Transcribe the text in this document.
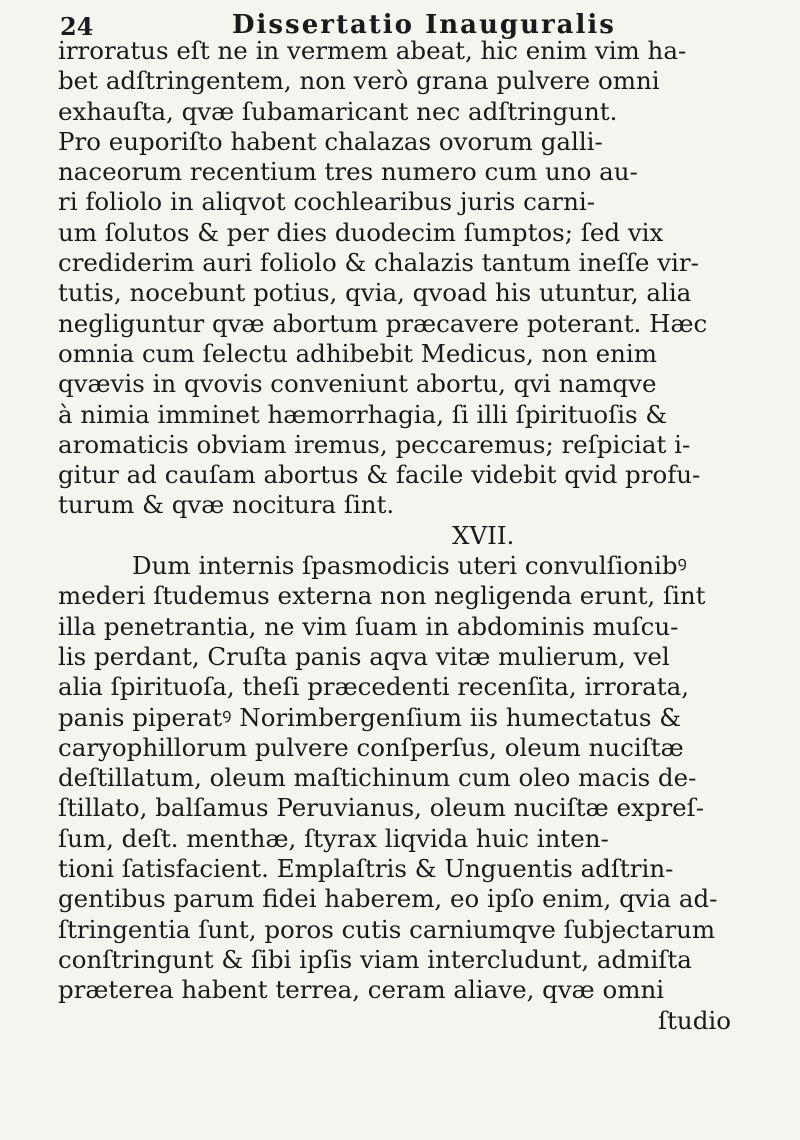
24	Dissertatio Inauguralis
irroratus eſt ne in vermem abeat, hic enim vim ha-
bet adſtringentem, non verò grana pulvere omni
exhauſta, qvæ ſubamaricant nec adſtringunt.
Pro euporiſto habent chalazas ovorum galli-
naceorum recentium tres numero cum uno au-
ri foliolo in aliqvot cochlearibus juris carni-
um ſolutos & per dies duodecim ſumptos; ſed vix
crediderim auri foliolo & chalazis tantum ineſſe vir-
tutis, nocebunt potius, qvia, qvoad his utuntur, alia
negliguntur qvæ abortum præcavere poterant. Hæc
omnia cum ſelectu adhibebit Medicus, non enim
qvævis in qvovis conveniunt abortu, qvi namqve
à nimia imminet hæmorrhagia, ſi illi ſpirituoſis &
aromaticis obviam iremus, peccaremus; reſpiciat i-
gitur ad cauſam abortus & facile videbit qvid profu-
turum & qvæ nocitura ſint.
XVII.
Dum internis ſpasmodicis uteri convulſionibꝰ
mederi ſtudemus externa non negligenda erunt, ſint
illa penetrantia, ne vim ſuam in abdominis muſcu-
lis perdant, Cruſta panis aqva vitæ mulierum, vel
alia ſpirituoſa, theſi præcedenti recenſita, irrorata,
panis piperatꝰ Norimbergenſium iis humectatus &
caryophillorum pulvere conſperſus, oleum nuciſtæ
deſtillatum, oleum maſtichinum cum oleo macis de-
ſtillato, balſamus Peruvianus, oleum nuciſtæ expreſ-
ſum, deſt. menthæ, ſtyrax liqvida huic inten-
tioni ſatisfacient. Emplaſtris & Unguentis adſtrin-
gentibus parum fidei haberem, eo ipſo enim, qvia ad-
ſtringentia ſunt, poros cutis carniumqve ſubjectarum
conſtringunt & ſibi ipſis viam intercludunt, admiſta
præterea habent terrea, ceram aliave, qvæ omni
ſtudio
